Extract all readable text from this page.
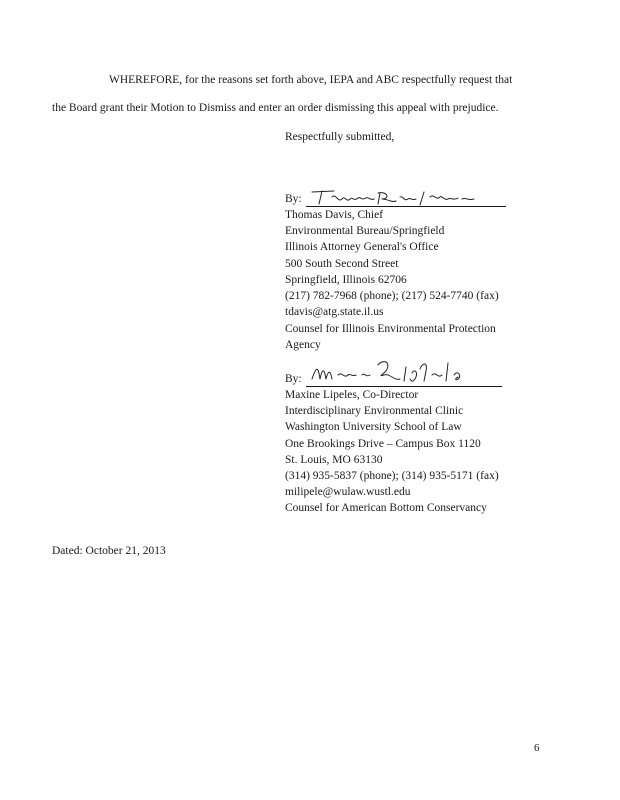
WHEREFORE, for the reasons set forth above, IEPA and ABC respectfully request that
the Board grant their Motion to Dismiss and enter an order dismissing this appeal with prejudice.
Respectfully submitted,
By:
Thomas Davis, Chief
Environmental Bureau/Springfield
Illinois Attorney General's Office
500 South Second Street
Springfield, Illinois 62706
(217) 782-7968 (phone); (217) 524-7740 (fax)
tdavis@atg.state.il.us
Counsel for Illinois Environmental Protection
Agency
By:
Maxine Lipeles, Co-Director
Interdisciplinary Environmental Clinic
Washington University School of Law
One Brookings Drive – Campus Box 1120
St. Louis, MO 63130
(314) 935-5837 (phone); (314) 935-5171 (fax)
milipele@wulaw.wustl.edu
Counsel for American Bottom Conservancy
Dated: October 21, 2013
6
